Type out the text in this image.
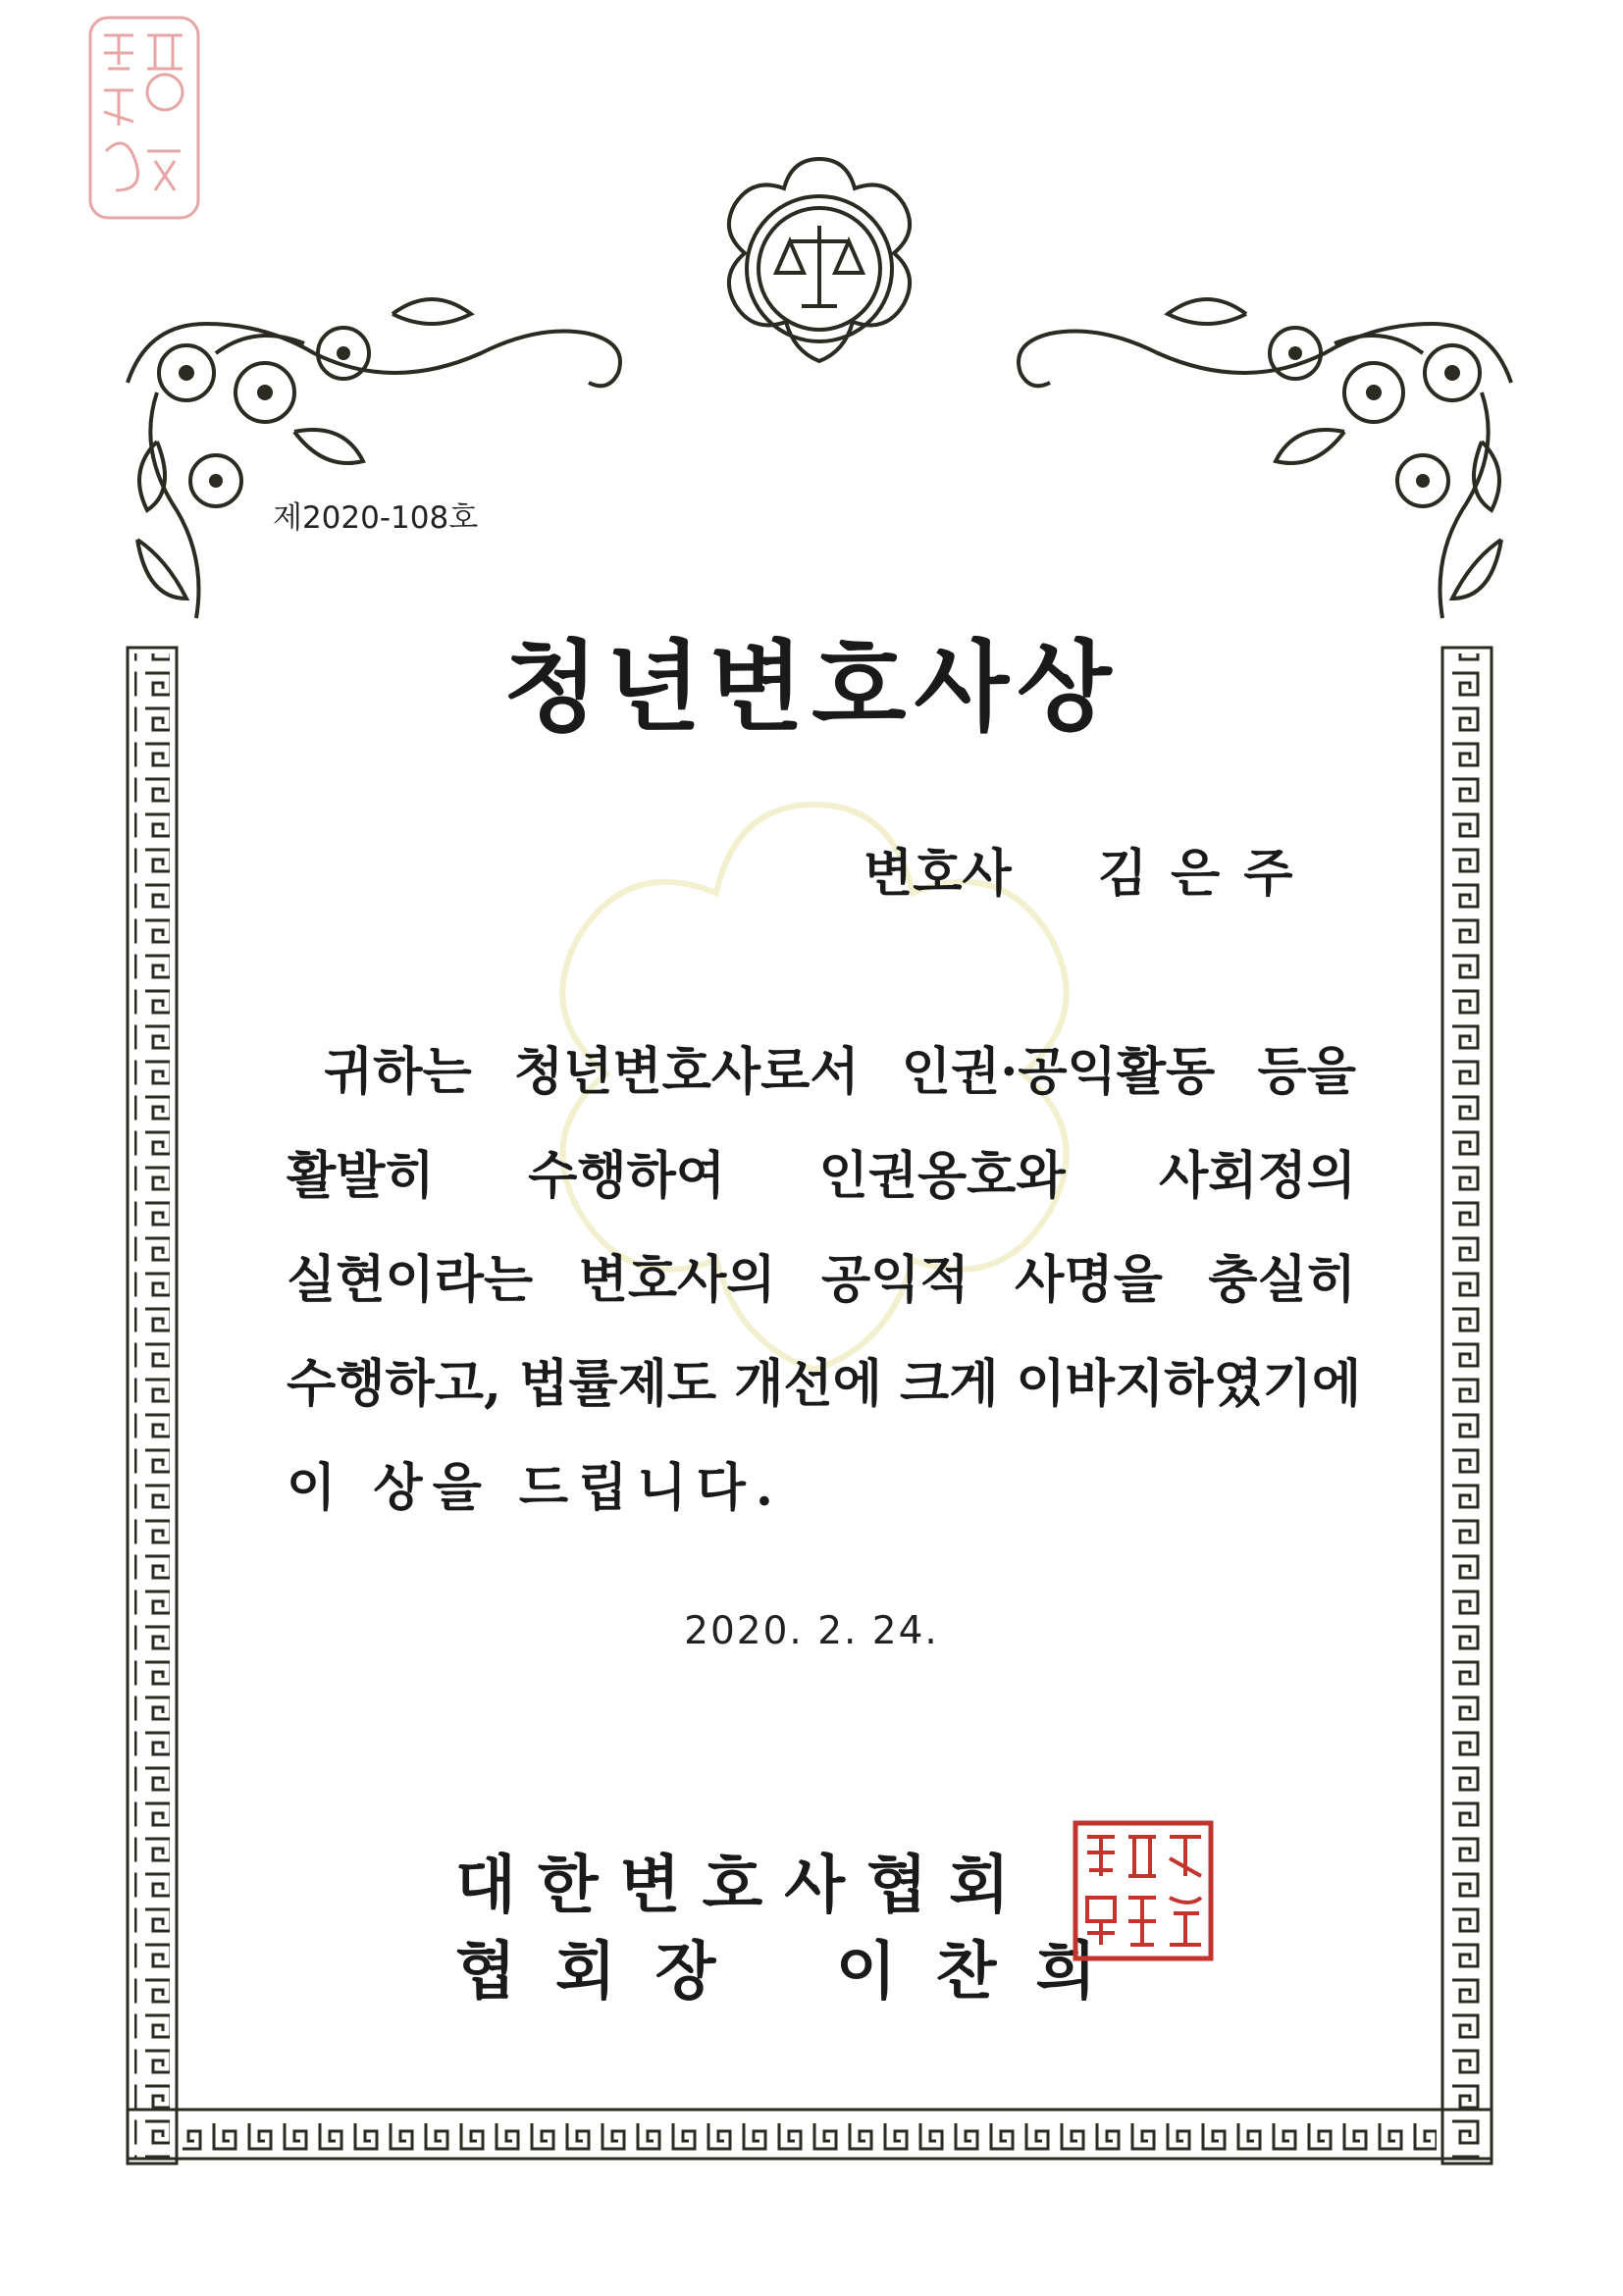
제2020-108호
청년변호사상
변호사 김은주
귀하는 청년변호사로서 인권·공익활동 등을
활발히 수행하여 인권옹호와 사회정의
실현이라는 변호사의 공익적 사명을 충실히
수행하고, 법률제도 개선에 크게 이바지하였기에
이 상을 드립니다.
2020. 2. 24.
대한변호사협회
협회장 이찬희
